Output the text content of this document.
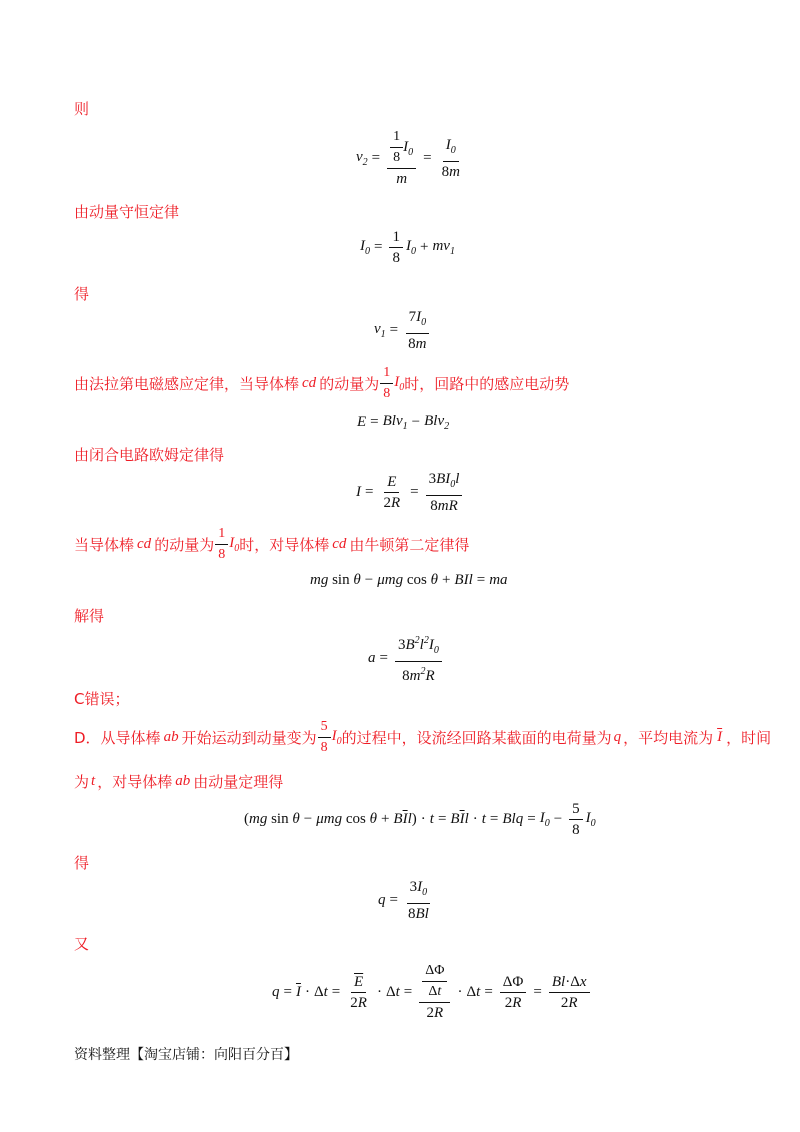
则
$v_2 = \frac{\frac{1}{8} I_0}{m} = \frac{I_0}{8m}$
由动量守恒定律
$I_0 = \frac{1}{8} I_0 + mv_1$
得
$v_1 = \frac{7I_0}{8m}$
由法拉第电磁感应定律，当导体棒 cd 的动量为 $\frac{1}{8} I_0$ 时，回路中的感应电动势
E = Blv$_1$ − Blv$_2$
由闭合电路欧姆定律得
$I = \frac{E}{2R} = \frac{3BI_0l}{8mR}$
当导体棒 cd 的动量为 $\frac{1}{8} I_0$ 时，对导体棒 cd 由牛顿第二定律得
mg sin θ − μmg cos θ + BIl = ma
解得
$a = \frac{3B^2l^2I_0}{8m^2R}$
C错误；
D．从导体棒 ab 开始运动到动量变为 $\frac{5}{8} I_0$ 的过程中，设流经回路某截面的电荷量为 q ，平均电流为 $\overline{I}$ ，时间
为 t ，对导体棒 ab 由动量定理得
( mg sin θ − μmg $\cos \theta + B\overline{I}l$ ) · $t = B\overline{I}l \cdot t$ = Blq = $I_0 - \frac{5}{8} I_0$
得
$q = \frac{3I_0}{8Bl}$
又
$q = \overline{I} \cdot \Delta$ $t = \frac{\overline{E}}{2R} \cdot \Delta$ $t = \frac{\frac{\Delta\Phi}{\Delta t}}{2R} \cdot \Delta$ $t = \frac{\Delta\Phi}{2R} = \frac{Bl\cdot\Delta x}{2R}$
资料整理【淘宝店铺：向阳百分百】
